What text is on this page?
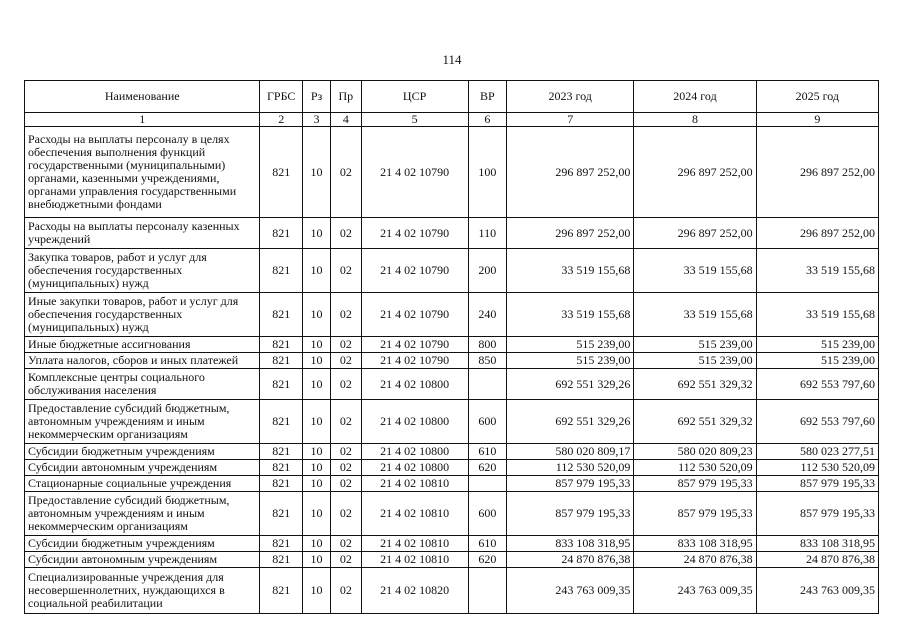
114
Наименование	ГРБС	Рз	Пр	ЦСР	ВР	2023 год	2024 год	2025 год
1	2	3	4	5	6	7	8	9
Расходы на выплаты персоналу в целях обеспечения выполнения функций государственными (муниципальными) органами, казенными учреждениями, органами управления государственными внебюджетными фондами	821	10	02	21 4 02 10790	100	296 897 252,00	296 897 252,00	296 897 252,00
Расходы на выплаты персоналу казенных учреждений	821	10	02	21 4 02 10790	110	296 897 252,00	296 897 252,00	296 897 252,00
Закупка товаров, работ и услуг для обеспечения государственных (муниципальных) нужд	821	10	02	21 4 02 10790	200	33 519 155,68	33 519 155,68	33 519 155,68
Иные закупки товаров, работ и услуг для обеспечения государственных (муниципальных) нужд	821	10	02	21 4 02 10790	240	33 519 155,68	33 519 155,68	33 519 155,68
Иные бюджетные ассигнования	821	10	02	21 4 02 10790	800	515 239,00	515 239,00	515 239,00
Уплата налогов, сборов и иных платежей	821	10	02	21 4 02 10790	850	515 239,00	515 239,00	515 239,00
Комплексные центры социального обслуживания населения	821	10	02	21 4 02 10800		692 551 329,26	692 551 329,32	692 553 797,60
Предоставление субсидий бюджетным, автономным учреждениям и иным некоммерческим организациям	821	10	02	21 4 02 10800	600	692 551 329,26	692 551 329,32	692 553 797,60
Субсидии бюджетным учреждениям	821	10	02	21 4 02 10800	610	580 020 809,17	580 020 809,23	580 023 277,51
Субсидии автономным учреждениям	821	10	02	21 4 02 10800	620	112 530 520,09	112 530 520,09	112 530 520,09
Стационарные социальные учреждения	821	10	02	21 4 02 10810		857 979 195,33	857 979 195,33	857 979 195,33
Предоставление субсидий бюджетным, автономным учреждениям и иным некоммерческим организациям	821	10	02	21 4 02 10810	600	857 979 195,33	857 979 195,33	857 979 195,33
Субсидии бюджетным учреждениям	821	10	02	21 4 02 10810	610	833 108 318,95	833 108 318,95	833 108 318,95
Субсидии автономным учреждениям	821	10	02	21 4 02 10810	620	24 870 876,38	24 870 876,38	24 870 876,38
Специализированные учреждения для несовершеннолетних, нуждающихся в социальной реабилитации	821	10	02	21 4 02 10820		243 763 009,35	243 763 009,35	243 763 009,35
